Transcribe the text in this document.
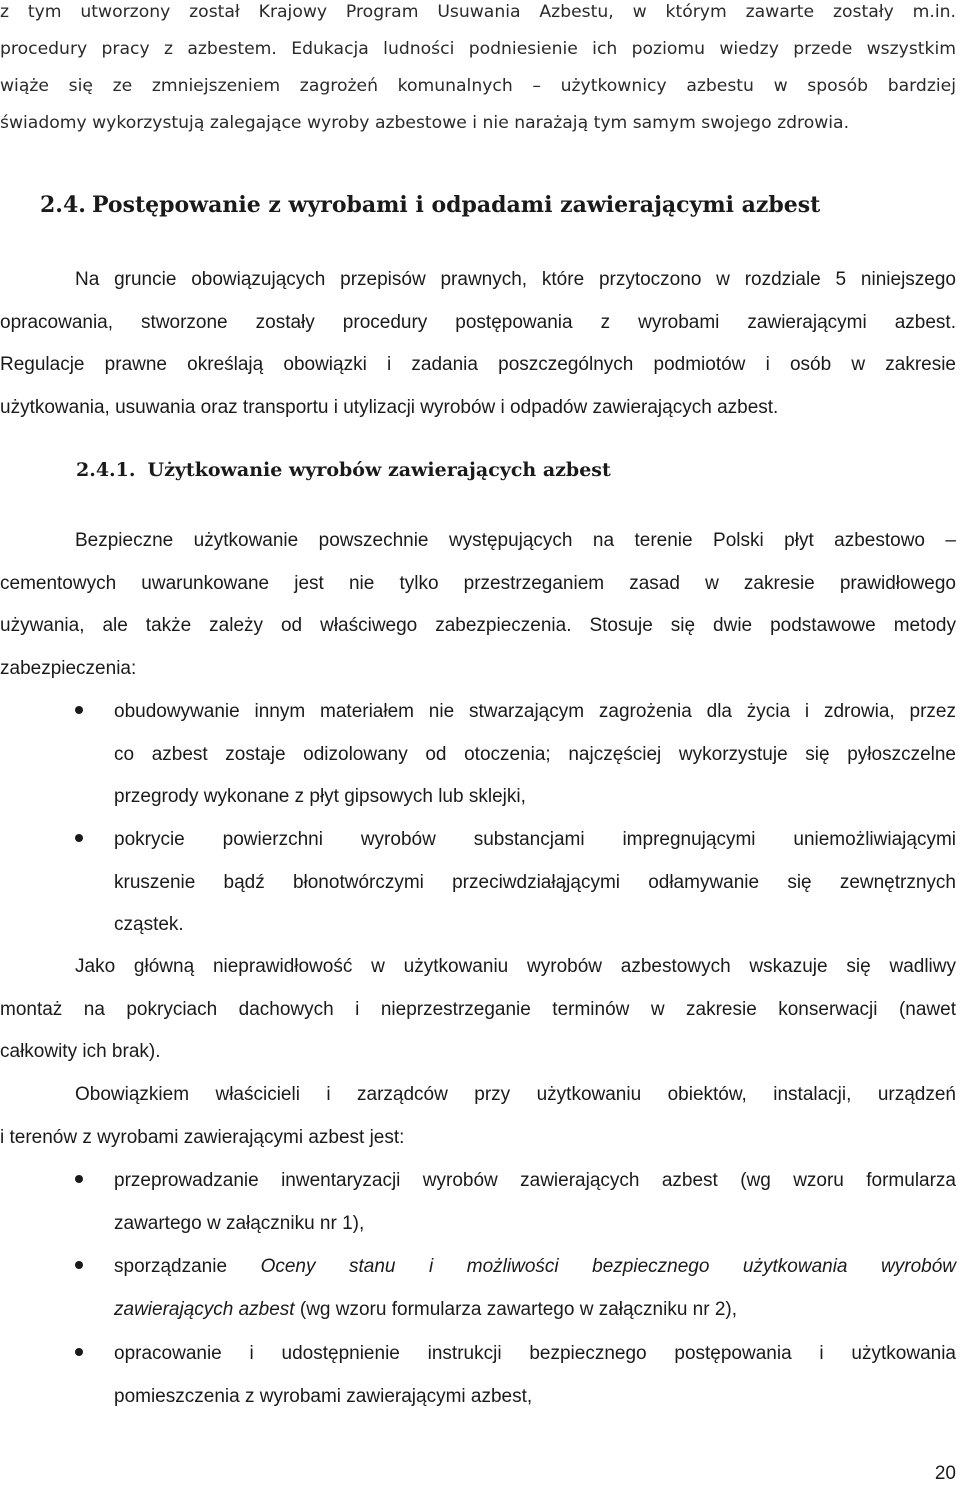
z tym utworzony został Krajowy Program Usuwania Azbestu, w którym zawarte zostały m.in.
procedury pracy z azbestem. Edukacja ludności podniesienie ich poziomu wiedzy przede wszystkim
wiąże się ze zmniejszeniem zagrożeń komunalnych – użytkownicy azbestu w sposób bardziej
świadomy wykorzystują zalegające wyroby azbestowe i nie narażają tym samym swojego zdrowia.
2.4. Postępowanie z wyrobami i odpadami zawierającymi azbest
Na gruncie obowiązujących przepisów prawnych, które przytoczono w rozdziale 5 niniejszego
opracowania, stworzone zostały procedury postępowania z wyrobami zawierającymi azbest.
Regulacje prawne określają obowiązki i zadania poszczególnych podmiotów i osób w zakresie
użytkowania, usuwania oraz transportu i utylizacji wyrobów i odpadów zawierających azbest.
2.4.1. Użytkowanie wyrobów zawierających azbest
Bezpieczne użytkowanie powszechnie występujących na terenie Polski płyt azbestowo –
cementowych uwarunkowane jest nie tylko przestrzeganiem zasad w zakresie prawidłowego
używania, ale także zależy od właściwego zabezpieczenia. Stosuje się dwie podstawowe metody
zabezpieczenia:
obudowywanie innym materiałem nie stwarzającym zagrożenia dla życia i zdrowia, przez
co azbest zostaje odizolowany od otoczenia; najczęściej wykorzystuje się pyłoszczelne
przegrody wykonane z płyt gipsowych lub sklejki,
pokrycie powierzchni wyrobów substancjami impregnującymi uniemożliwiającymi
kruszenie bądź błonotwórczymi przeciwdziałąjącymi odłamywanie się zewnętrznych
cząstek.
Jako główną nieprawidłowość w użytkowaniu wyrobów azbestowych wskazuje się wadliwy
montaż na pokryciach dachowych i nieprzestrzeganie terminów w zakresie konserwacji (nawet
całkowity ich brak).
Obowiązkiem właścicieli i zarządców przy użytkowaniu obiektów, instalacji, urządzeń
i terenów z wyrobami zawierającymi azbest jest:
przeprowadzanie inwentaryzacji wyrobów zawierających azbest (wg wzoru formularza
zawartego w załączniku nr 1),
sporządzanie Oceny stanu i możliwości bezpiecznego użytkowania wyrobów
zawierających azbest (wg wzoru formularza zawartego w załączniku nr 2),
opracowanie i udostępnienie instrukcji bezpiecznego postępowania i użytkowania
pomieszczenia z wyrobami zawierającymi azbest,
20
